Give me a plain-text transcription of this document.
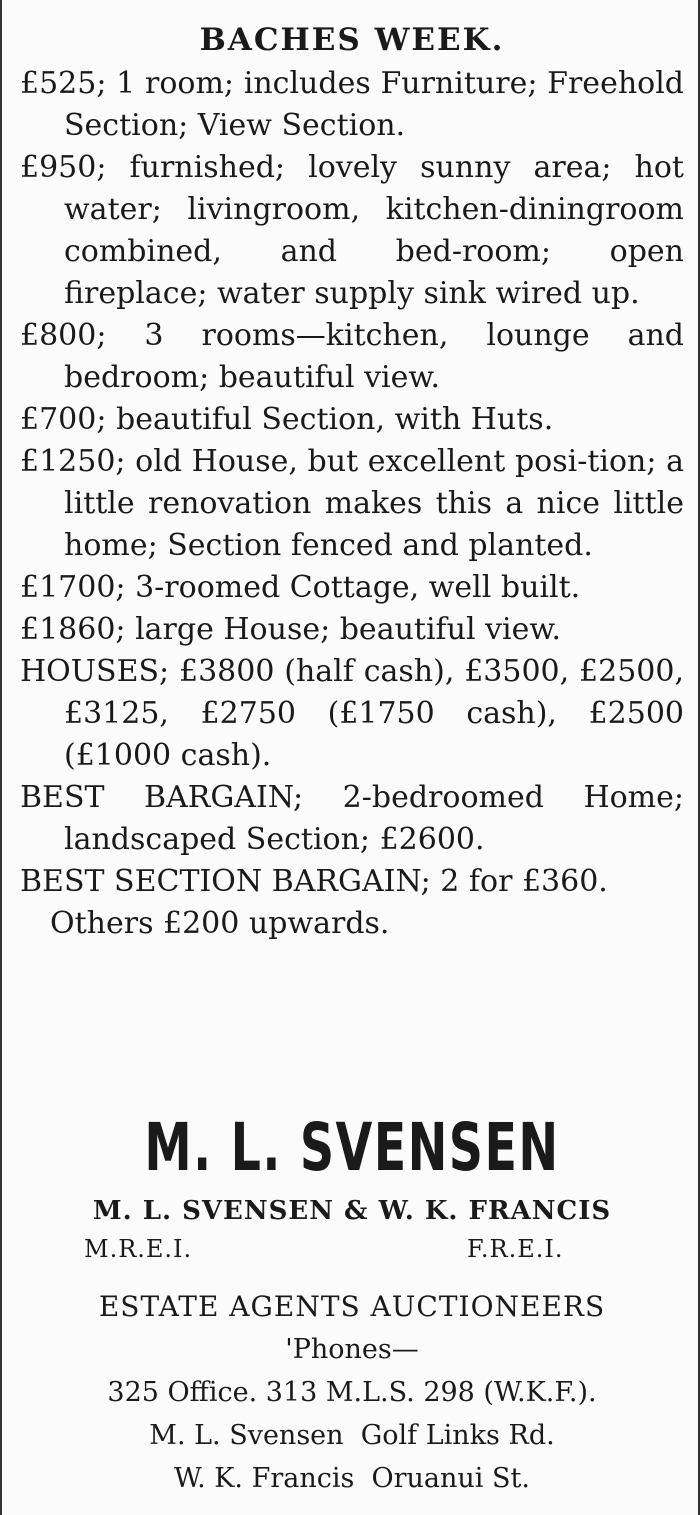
BACHES WEEK.

£525; 1 room; includes Furniture; Freehold Section; View Section.

£950; furnished; lovely sunny area; hot water; livingroom, kitchen-diningroom combined, and bed-room; open fireplace; water supply sink wired up.

£800; 3 rooms—kitchen, lounge and bedroom; beautiful view.

£700; beautiful Section, with Huts.

£1250; old House, but excellent posi-tion; a little renovation makes this a nice little home; Section fenced and planted.

£1700; 3-roomed Cottage, well built.

£1860; large House; beautiful view.

HOUSES; £3800 (half cash), £3500, £2500, £3125, £2750 (£1750 cash), £2500 (£1000 cash).

BEST BARGAIN; 2-bedroomed Home; landscaped Section; £2600.

BEST SECTION BARGAIN; 2 for £360.

Others £200 upwards.

M. L. SVENSEN
M. L. SVENSEN & W. K. FRANCIS
M.R.E.I.	F.R.E.I.
ESTATE AGENTS AUCTIONEERS
'Phones—
325 Office. 313 M.L.S. 298 (W.K.F.).
M. L. Svensen  Golf Links Rd.
W. K. Francis  Oruanui St.
